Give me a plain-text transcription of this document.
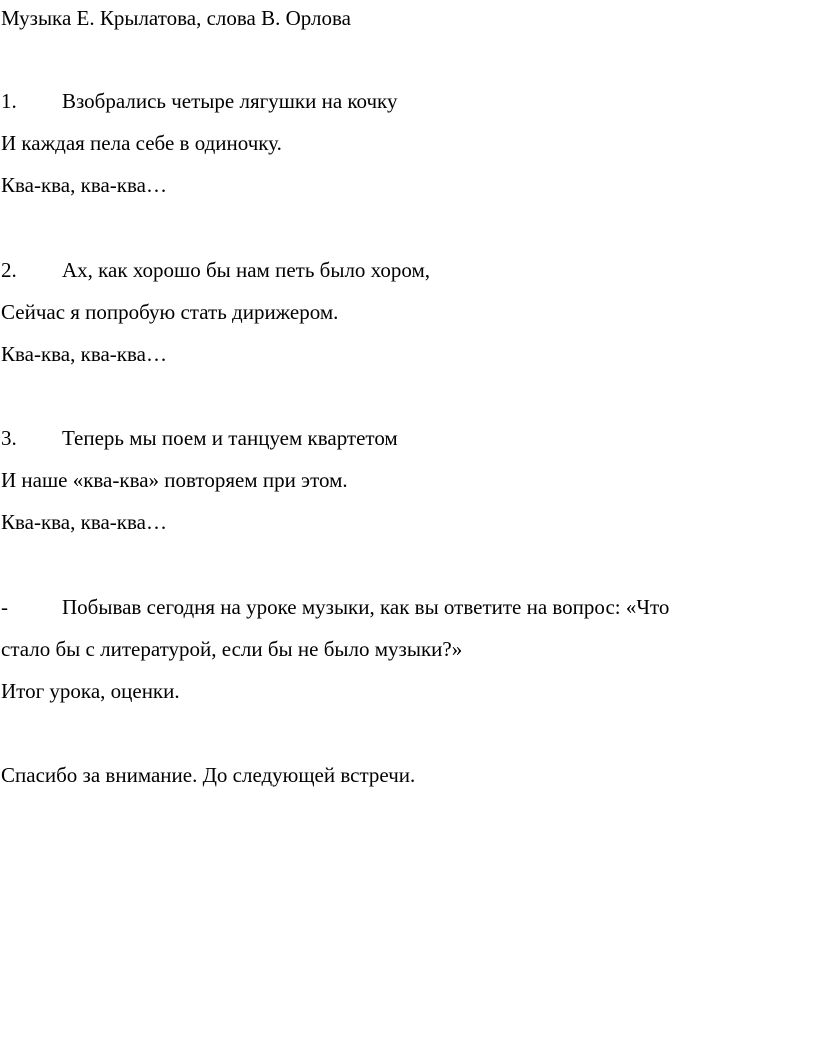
Музыка Е. Крылатова, слова В. Орлова
1. Взобрались четыре лягушки на кочку
И каждая пела себе в одиночку.
Ква-ква, ква-ква…
2. Ах, как хорошо бы нам петь было хором,
Сейчас я попробую стать дирижером.
Ква-ква, ква-ква…
3. Теперь мы поем и танцуем квартетом
И наше «ква-ква» повторяем при этом.
Ква-ква, ква-ква…
-	Побывав сегодня на уроке музыки, как вы ответите на вопрос: «Что
стало бы с литературой, если бы не было музыки?»
Итог урока, оценки.
Спасибо за внимание. До следующей встречи.
